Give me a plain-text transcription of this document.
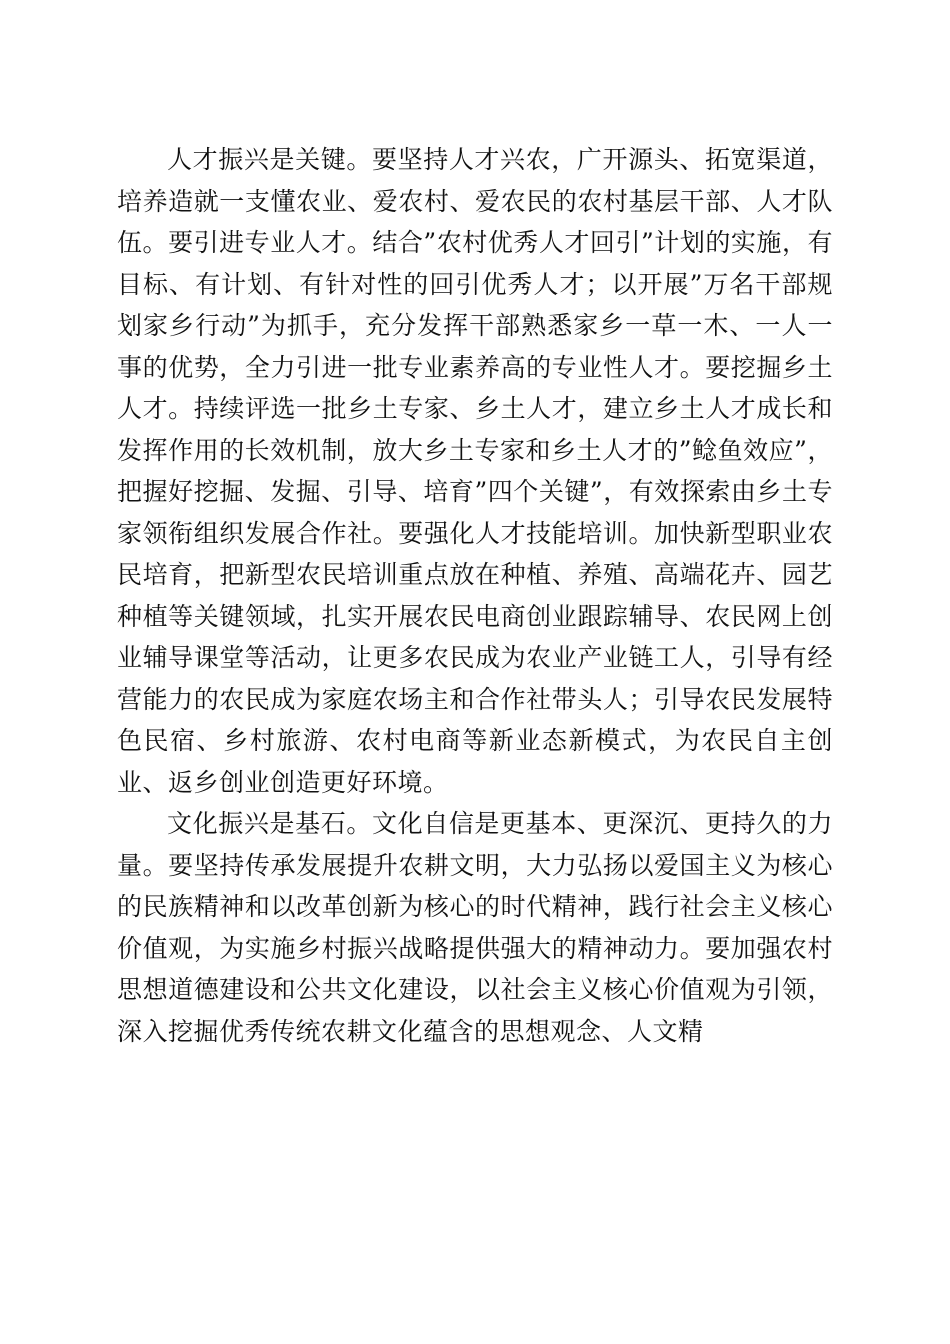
人才振兴是关键。要坚持人才兴农，广开源头、拓宽渠道，培养造就一支懂农业、爱农村、爱农民的农村基层干部、人才队伍。要引进专业人才。结合”农村优秀人才回引”计划的实施，有目标、有计划、有针对性的回引优秀人才；以开展”万名干部规划家乡行动”为抓手，充分发挥干部熟悉家乡一草一木、一人一事的优势，全力引进一批专业素养高的专业性人才。要挖掘乡土人才。持续评选一批乡土专家、乡土人才，建立乡土人才成长和发挥作用的长效机制，放大乡土专家和乡土人才的”鲶鱼效应”，把握好挖掘、发掘、引导、培育”四个关键”，有效探索由乡土专家领衔组织发展合作社。要强化人才技能培训。加快新型职业农民培育，把新型农民培训重点放在种植、养殖、高端花卉、园艺种植等关键领域，扎实开展农民电商创业跟踪辅导、农民网上创业辅导课堂等活动，让更多农民成为农业产业链工人，引导有经营能力的农民成为家庭农场主和合作社带头人；引导农民发展特色民宿、乡村旅游、农村电商等新业态新模式，为农民自主创业、返乡创业创造更好环境。

文化振兴是基石。文化自信是更基本、更深沉、更持久的力量。要坚持传承发展提升农耕文明，大力弘扬以爱国主义为核心的民族精神和以改革创新为核心的时代精神，践行社会主义核心价值观，为实施乡村振兴战略提供强大的精神动力。要加强农村思想道德建设和公共文化建设，以社会主义核心价值观为引领，深入挖掘优秀传统农耕文化蕴含的思想观念、人文精
